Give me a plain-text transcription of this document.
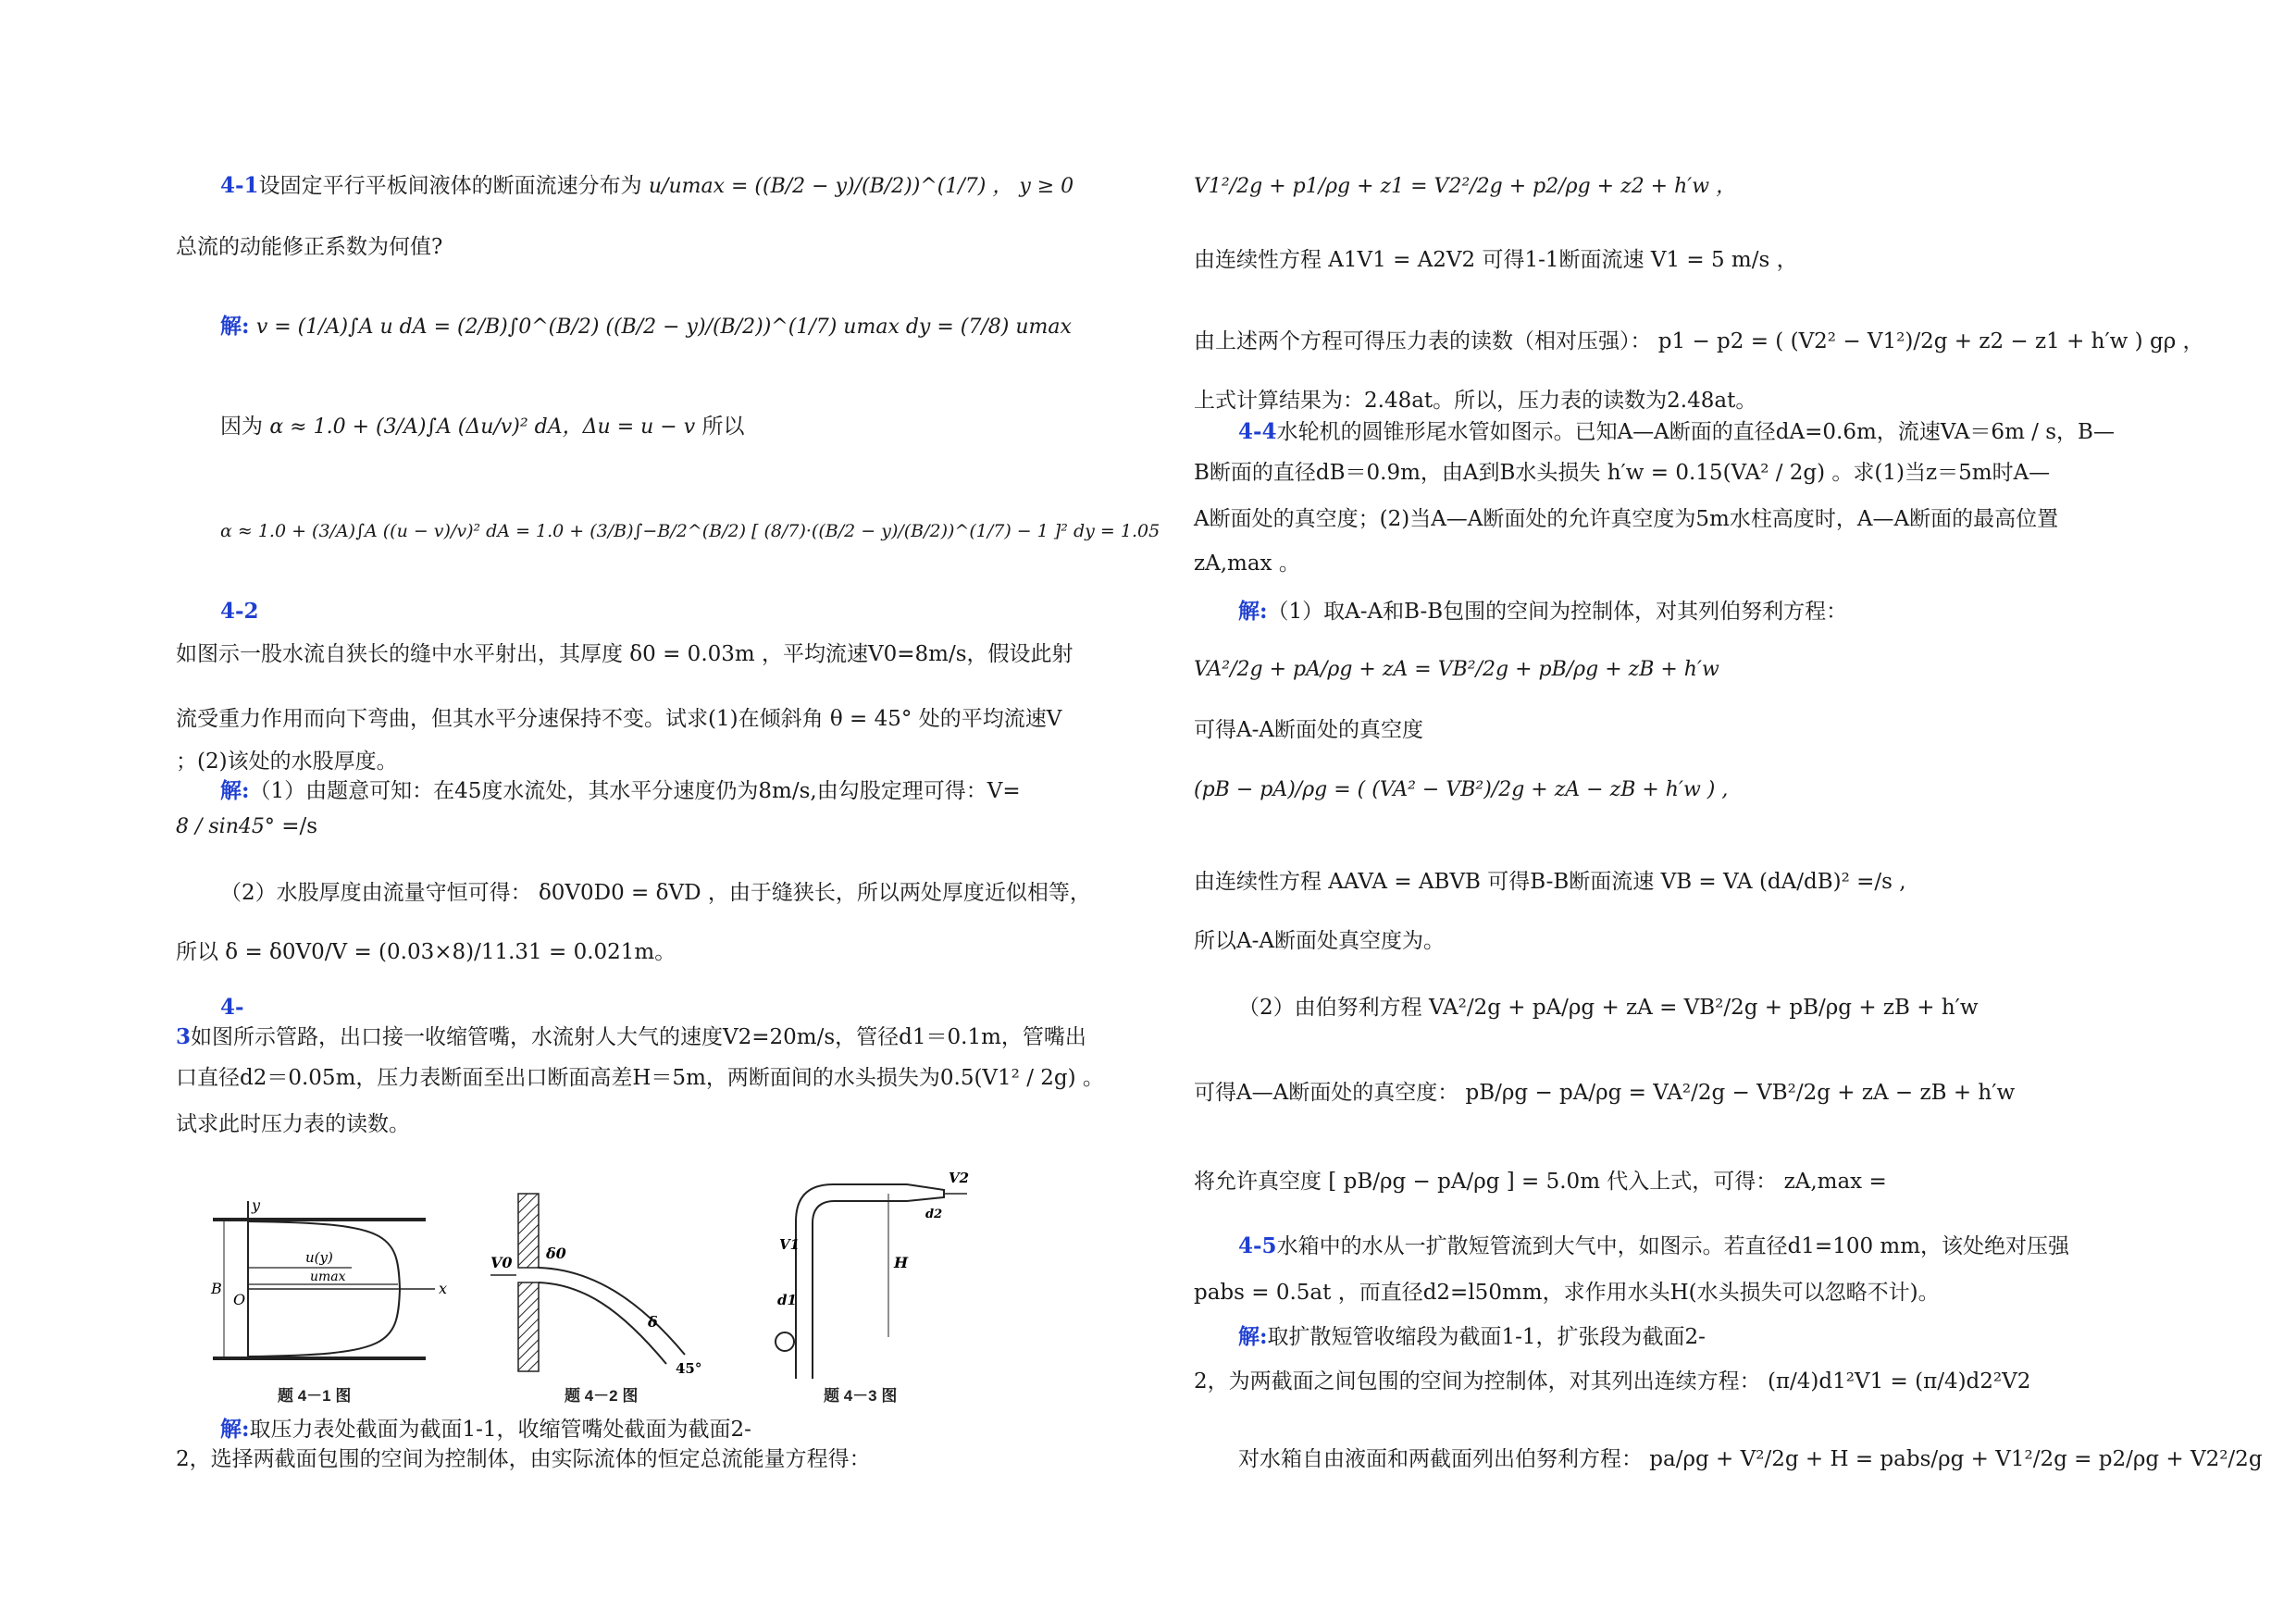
4-1设固定平行平板间液体的断面流速分布为 u/umax = ((B/2 − y)/(B/2))^(1/7) ， y ≥ 0
总流的动能修正系数为何值?
解: v = (1/A)∫A u dA = (2/B)∫0^(B/2) ((B/2 − y)/(B/2))^(1/7) umax dy = (7/8) umax
因为 α ≈ 1.0 + (3/A)∫A (Δu/v)² dA，Δu = u − v 所以
α ≈ 1.0 + (3/A)∫A ((u − v)/v)² dA = 1.0 + (3/B)∫−B/2^(B/2) [ (8/7)·((B/2 − y)/(B/2))^(1/7) − 1 ]² dy = 1.05
4-2
如图示一股水流自狭长的缝中水平射出，其厚度 δ0 = 0.03m ，平均流速V0=8m/s，假设此射
流受重力作用而向下弯曲，但其水平分速保持不变。试求(1)在倾斜角 θ = 45° 处的平均流速V
；(2)该处的水股厚度。
解:（1）由题意可知：在45度水流处，其水平分速度仍为8m/s,由勾股定理可得：V=
8 / sin45° =/s
（2）水股厚度由流量守恒可得： δ0V0D0 = δVD ，由于缝狭长，所以两处厚度近似相等，
所以 δ = δ0V0/V = (0.03×8)/11.31 = 0.021m。
4-
3如图所示管路，出口接一收缩管嘴，水流射人大气的速度V2=20m/s，管径d1＝0.1m，管嘴出
口直径d2＝0.05m，压力表断面至出口断面高差H＝5m，两断面间的水头损失为0.5(V1² / 2g) 。
试求此时压力表的读数。
y
u(y)
umax
B
O
x
题 4－1 图
V0
δ0
δ
45°
题 4－2 图
V2
V1
H
d1
d2
题 4－3 图
解:取压力表处截面为截面1-1，收缩管嘴处截面为截面2-
2，选择两截面包围的空间为控制体，由实际流体的恒定总流能量方程得：
V1²/2g + p1/ρg + z1 = V2²/2g + p2/ρg + z2 + h′w ，
由连续性方程 A1V1 = A2V2 可得1-1断面流速 V1 = 5 m/s ，
由上述两个方程可得压力表的读数（相对压强）： p1 − p2 = ( (V2² − V1²)/2g + z2 − z1 + h′w ) gρ ，
上式计算结果为：2.48at。所以，压力表的读数为2.48at。
4-4水轮机的圆锥形尾水管如图示。已知A—A断面的直径dA=0.6m，流速VA＝6m / s，B—
B断面的直径dB＝0.9m，由A到B水头损失 h′w = 0.15(VA² / 2g) 。求(1)当z＝5m时A—
A断面处的真空度；(2)当A—A断面处的允许真空度为5m水柱高度时，A—A断面的最高位置
zA,max 。
解:（1）取A-A和B-B包围的空间为控制体，对其列伯努利方程：
VA²/2g + pA/ρg + zA = VB²/2g + pB/ρg + zB + h′w
可得A-A断面处的真空度
(pB − pA)/ρg = ( (VA² − VB²)/2g + zA − zB + h′w ) ,
由连续性方程 AAVA = ABVB 可得B-B断面流速 VB = VA (dA/dB)² =/s ,
所以A-A断面处真空度为。
（2）由伯努利方程 VA²/2g + pA/ρg + zA = VB²/2g + pB/ρg + zB + h′w
可得A—A断面处的真空度： pB/ρg − pA/ρg = VA²/2g − VB²/2g + zA − zB + h′w
将允许真空度 [ pB/ρg − pA/ρg ] = 5.0m 代入上式，可得： zA,max =
4-5水箱中的水从一扩散短管流到大气中，如图示。若直径d1=100 mm，该处绝对压强
pabs = 0.5at ，而直径d2=l50mm，求作用水头H(水头损失可以忽略不计)。
解:取扩散短管收缩段为截面1-1，扩张段为截面2-
2，为两截面之间包围的空间为控制体，对其列出连续方程： (π/4)d1²V1 = (π/4)d2²V2
对水箱自由液面和两截面列出伯努利方程： pa/ρg + V²/2g + H = pabs/ρg + V1²/2g = p2/ρg + V2²/2g
